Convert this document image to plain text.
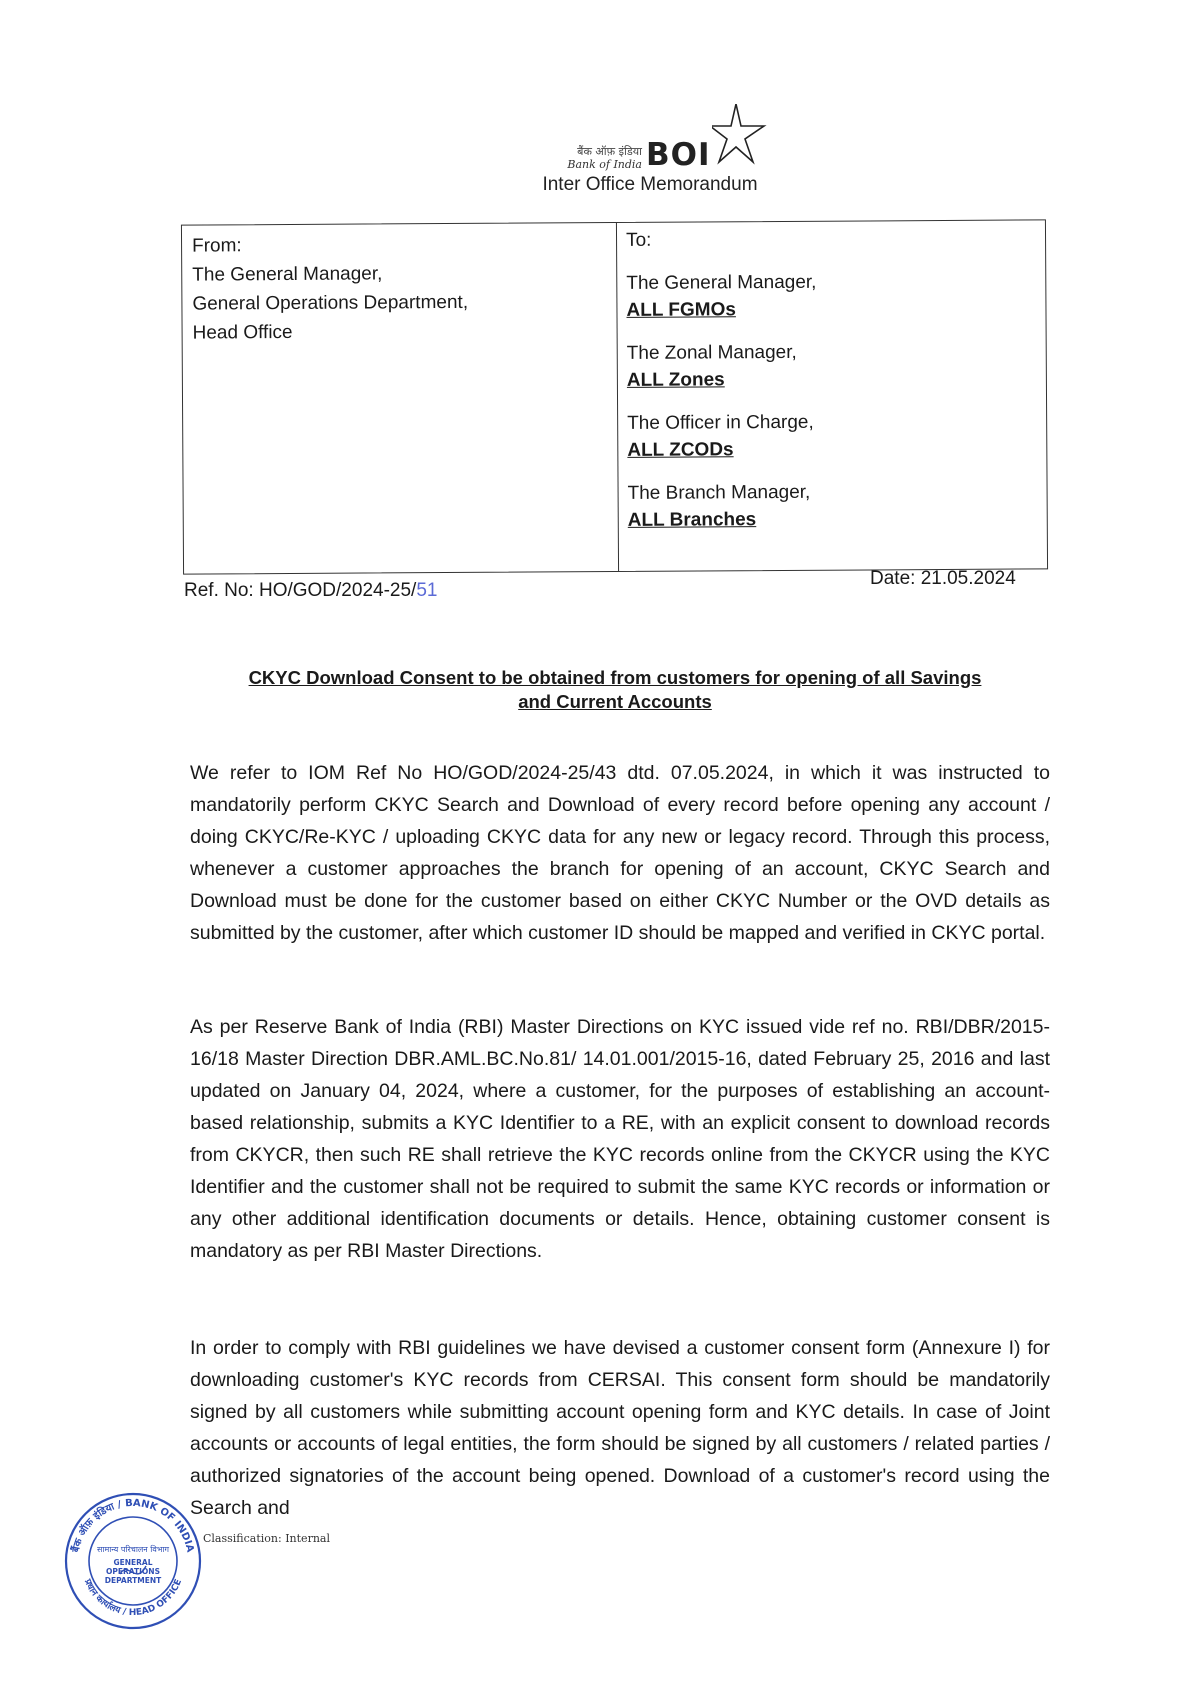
बैंक ऑफ़ इंडिया
Bank of India BOI
Inter Office Memorandum
From:
The General Manager,
General Operations Department,
Head Office
To:
The General Manager,
ALL FGMOs
The Zonal Manager,
ALL Zones
The Officer in Charge,
ALL ZCODs
The Branch Manager,
ALL Branches
Ref. No: HO/GOD/2024-25/51
Date: 21.05.2024
CKYC Download Consent to be obtained from customers for opening of all Savings
and Current Accounts
We refer to IOM Ref No HO/GOD/2024-25/43 dtd. 07.05.2024, in which it was instructed to mandatorily perform CKYC Search and Download of every record before opening any account / doing CKYC/Re-KYC / uploading CKYC data for any new or legacy record. Through this process, whenever a customer approaches the branch for opening of an account, CKYC Search and Download must be done for the customer based on either CKYC Number or the OVD details as submitted by the customer, after which customer ID should be mapped and verified in CKYC portal.
As per Reserve Bank of India (RBI) Master Directions on KYC issued vide ref no. RBI/DBR/2015-16/18 Master Direction DBR.AML.BC.No.81/ 14.01.001/2015-16, dated February 25, 2016 and last updated on January 04, 2024, where a customer, for the purposes of establishing an account-based relationship, submits a KYC Identifier to a RE, with an explicit consent to download records from CKYCR, then such RE shall retrieve the KYC records online from the CKYCR using the KYC Identifier and the customer shall not be required to submit the same KYC records or information or any other additional identification documents or details. Hence, obtaining customer consent is mandatory as per RBI Master Directions.
In order to comply with RBI guidelines we have devised a customer consent form (Annexure I) for downloading customer's KYC records from CERSAI. This consent form should be mandatorily signed by all customers while submitting account opening form and KYC details. In case of Joint accounts or accounts of legal entities, the form should be signed by all customers / related parties / authorized signatories of the account being opened. Download of a customer's record using the Search and
बैंक ऑफ़ इंडिया / BANK OF INDIA
प्रधान कार्यालय / HEAD OFFICE
सामान्य परिचालन विभाग
GENERAL OPERATIONS DEPARTMENT
Classification: Internal
